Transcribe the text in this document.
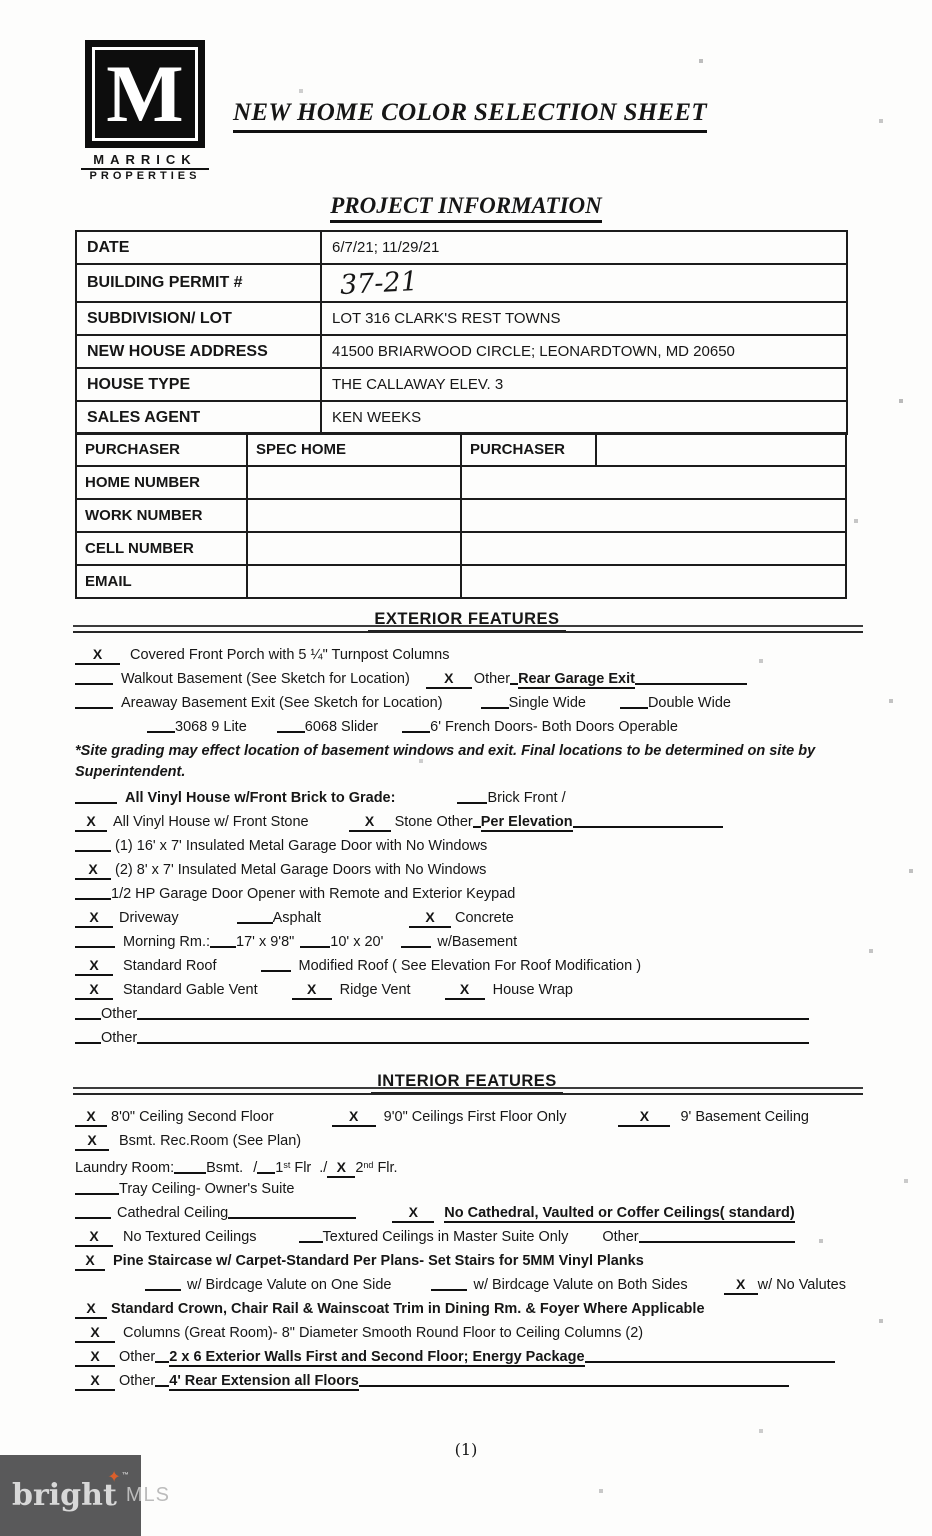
M
MARRICK
PROPERTIES
NEW HOME COLOR SELECTION SHEET
PROJECT INFORMATION
DATE	6/7/21; 11/29/21
BUILDING PERMIT #	37-21
SUBDIVISION/ LOT	LOT 316 CLARK'S REST TOWNS
NEW HOUSE ADDRESS	41500 BRIARWOOD CIRCLE; LEONARDTOWN, MD 20650
HOUSE TYPE	THE CALLAWAY ELEV. 3
SALES AGENT	KEN WEEKS
PURCHASER	SPEC HOME	PURCHASER	
HOME NUMBER			
WORK NUMBER			
CELL NUMBER			
EMAIL			
EXTERIOR FEATURES
X Covered Front Porch with 5 ¼" Turnpost Columns
Walkout Basement (See Sketch for Location) X Other Rear Garage Exit
Areaway Basement Exit (See Sketch for Location)	Single Wide	Double Wide
3068 9 Lite	6068 Slider	6' French Doors- Both Doors Operable
*Site grading may effect location of basement windows and exit. Final locations to be determined on site by Superintendent.
All Vinyl House w/Front Brick to Grade:	Brick Front /
X All Vinyl House w/ Front Stone	X Stone Other Per Elevation
(1) 16' x 7' Insulated Metal Garage Door with No Windows
X (2) 8' x 7' Insulated Metal Garage Doors with No Windows
1/2 HP Garage Door Opener with Remote and Exterior Keypad
X Driveway	Asphalt	X Concrete
Morning Rm.: 17' x 9'8" 10' x 20'	w/Basement
X Standard Roof	Modified Roof ( See Elevation For Roof Modification )
X Standard Gable Vent	X Ridge Vent	X House Wrap
Other
Other
INTERIOR FEATURES
X 8'0" Ceiling Second Floor	X 9'0" Ceilings First Floor Only	X 9' Basement Ceiling
X Bsmt. Rec.Room (See Plan)
Laundry Room: Bsmt. / 1st Flr ./ X 2nd Flr.
Tray Ceiling- Owner's Suite
Cathedral Ceiling	X No Cathedral, Vaulted or Coffer Ceilings( standard)
X No Textured Ceilings	Textured Ceilings in Master Suite Only Other
X Pine Staircase w/ Carpet-Standard Per Plans- Set Stairs for 5MM Vinyl Planks
w/ Birdcage Valute on One Side	w/ Birdcage Valute on Both Sides	X w/ No Valutes
X Standard Crown, Chair Rail & Wainscoat Trim in Dining Rm. & Foyer Where Applicable
X Columns (Great Room)- 8" Diameter Smooth Round Floor to Ceiling Columns (2)
X Other 2 x 6 Exterior Walls First and Second Floor; Energy Package
X Other 4' Rear Extension all Floors
(1)
bright
✦ ™
MLS
